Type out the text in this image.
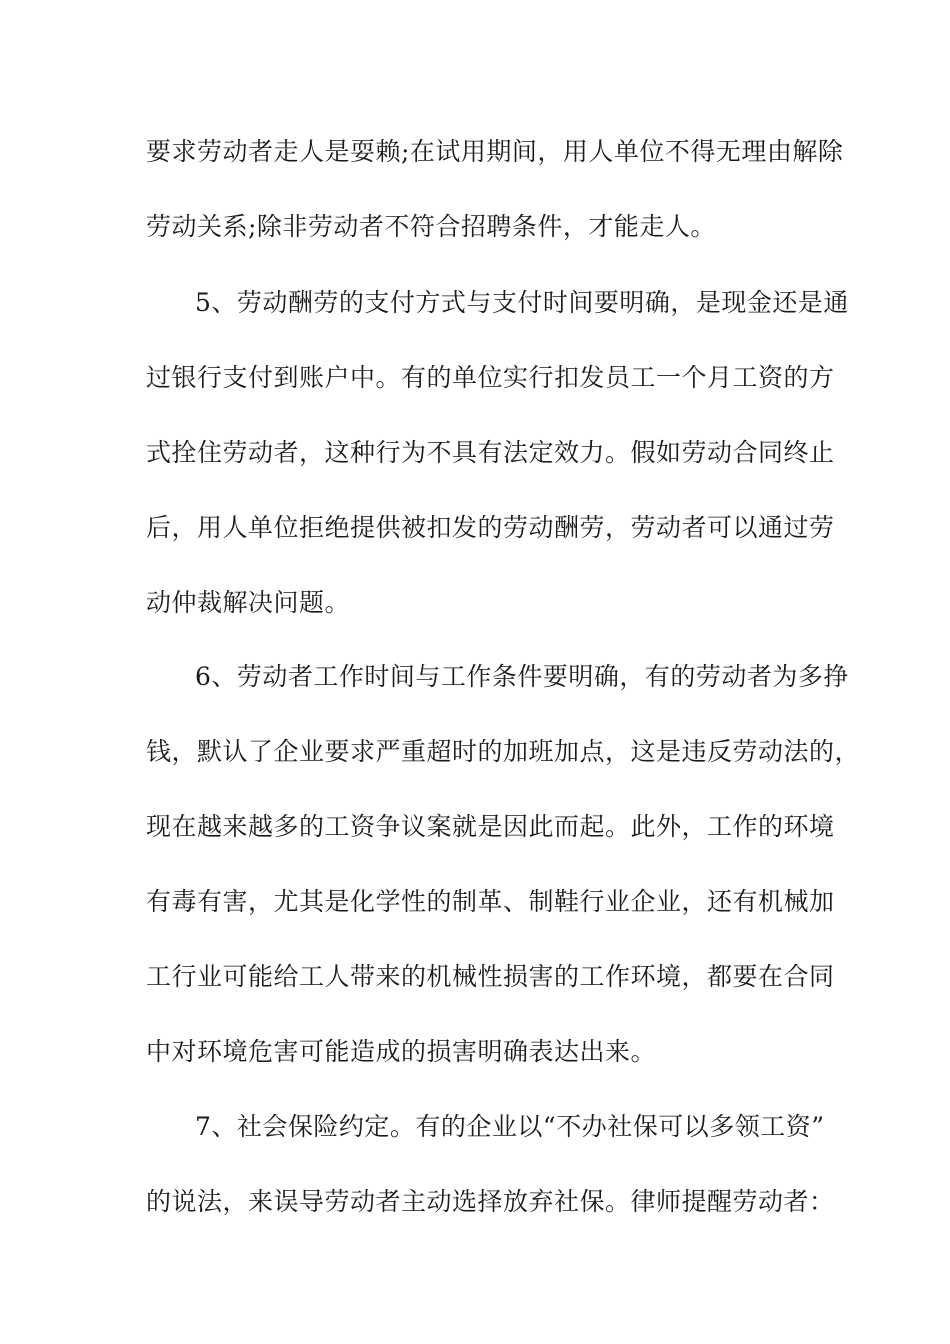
要求劳动者走人是耍赖;在试用期间，用人单位不得无理由解除
劳动关系;除非劳动者不符合招聘条件，才能走人。
5、劳动酬劳的支付方式与支付时间要明确，是现金还是通
过银行支付到账户中。有的单位实行扣发员工一个月工资的方
式拴住劳动者，这种行为不具有法定效力。假如劳动合同终止
后，用人单位拒绝提供被扣发的劳动酬劳，劳动者可以通过劳
动仲裁解决问题。
6、劳动者工作时间与工作条件要明确，有的劳动者为多挣
钱，默认了企业要求严重超时的加班加点，这是违反劳动法的，
现在越来越多的工资争议案就是因此而起。此外，工作的环境
有毒有害，尤其是化学性的制革、制鞋行业企业，还有机械加
工行业可能给工人带来的机械性损害的工作环境，都要在合同
中对环境危害可能造成的损害明确表达出来。
7、社会保险约定。有的企业以“不办社保可以多领工资”
的说法，来误导劳动者主动选择放弃社保。律师提醒劳动者：
